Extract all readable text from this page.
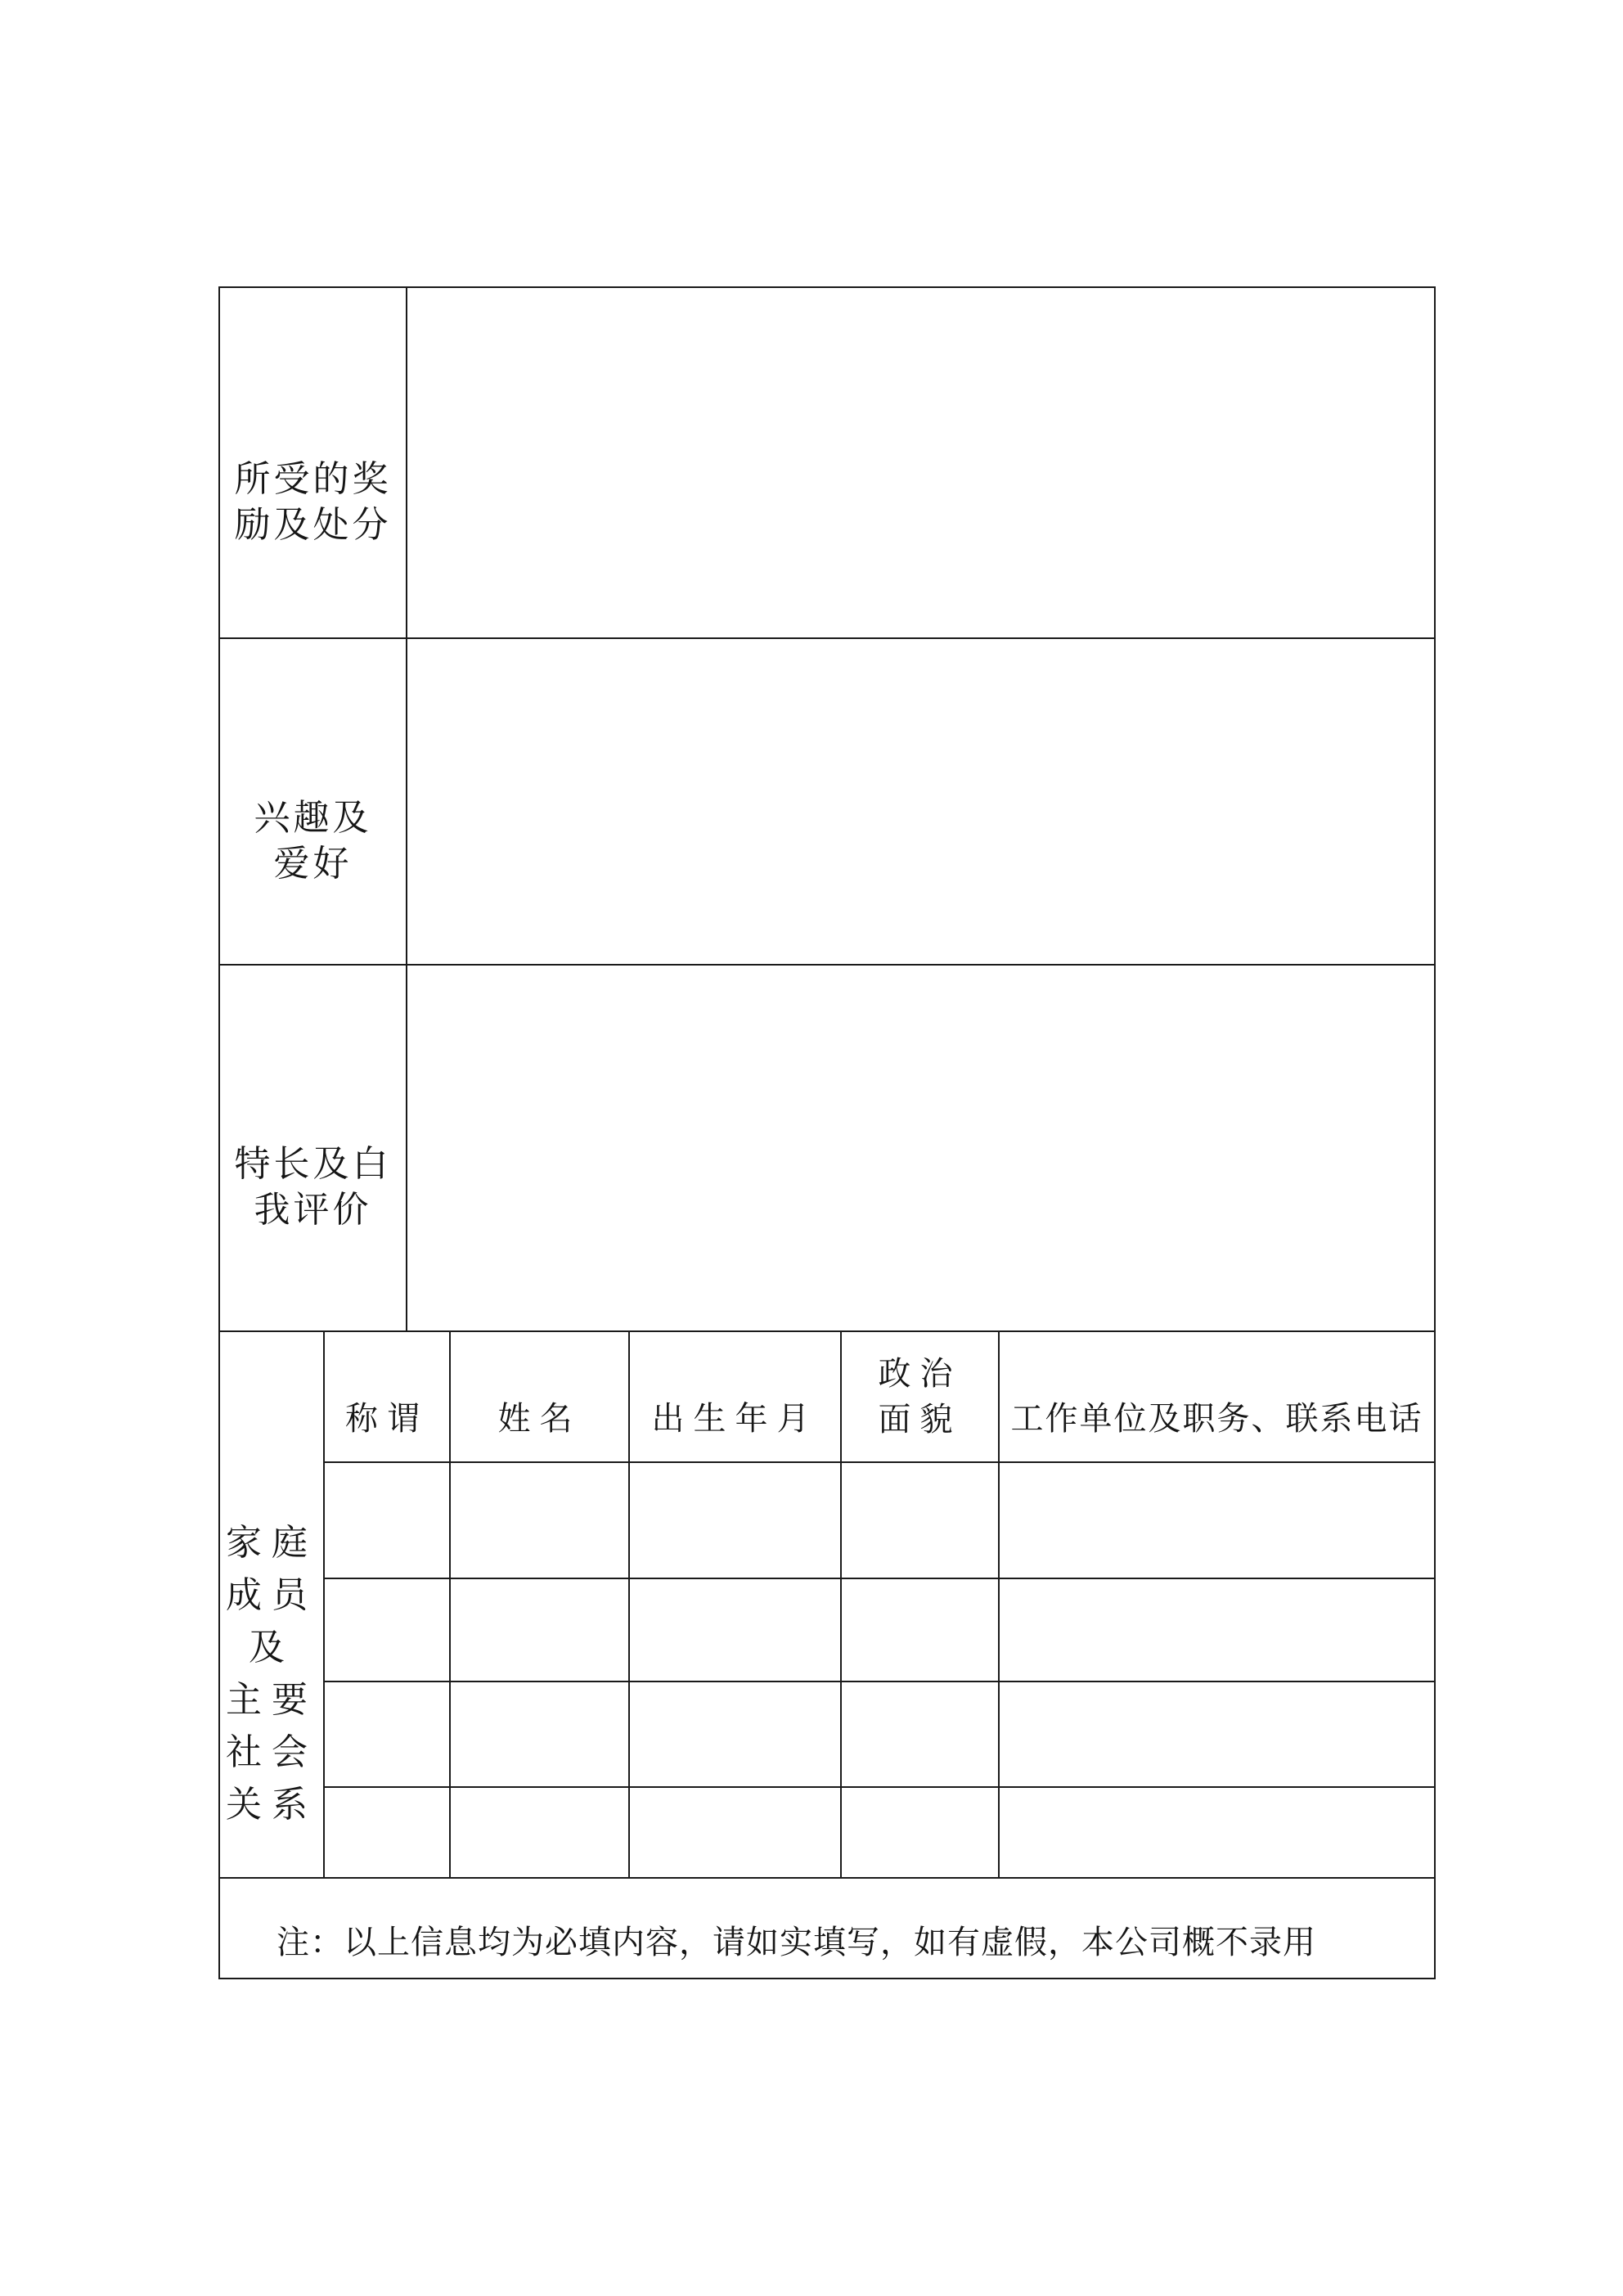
所受的奖
励及处分
兴趣及
爱好
特长及白
我评价
家庭
成员
及
主要
社会
关系
称谓 姓名 出生年月
政治
面貌 工作单位及职务、联系电话
注：以上信息均为必填内容，请如实填写，如有虚假，本公司概不录用
